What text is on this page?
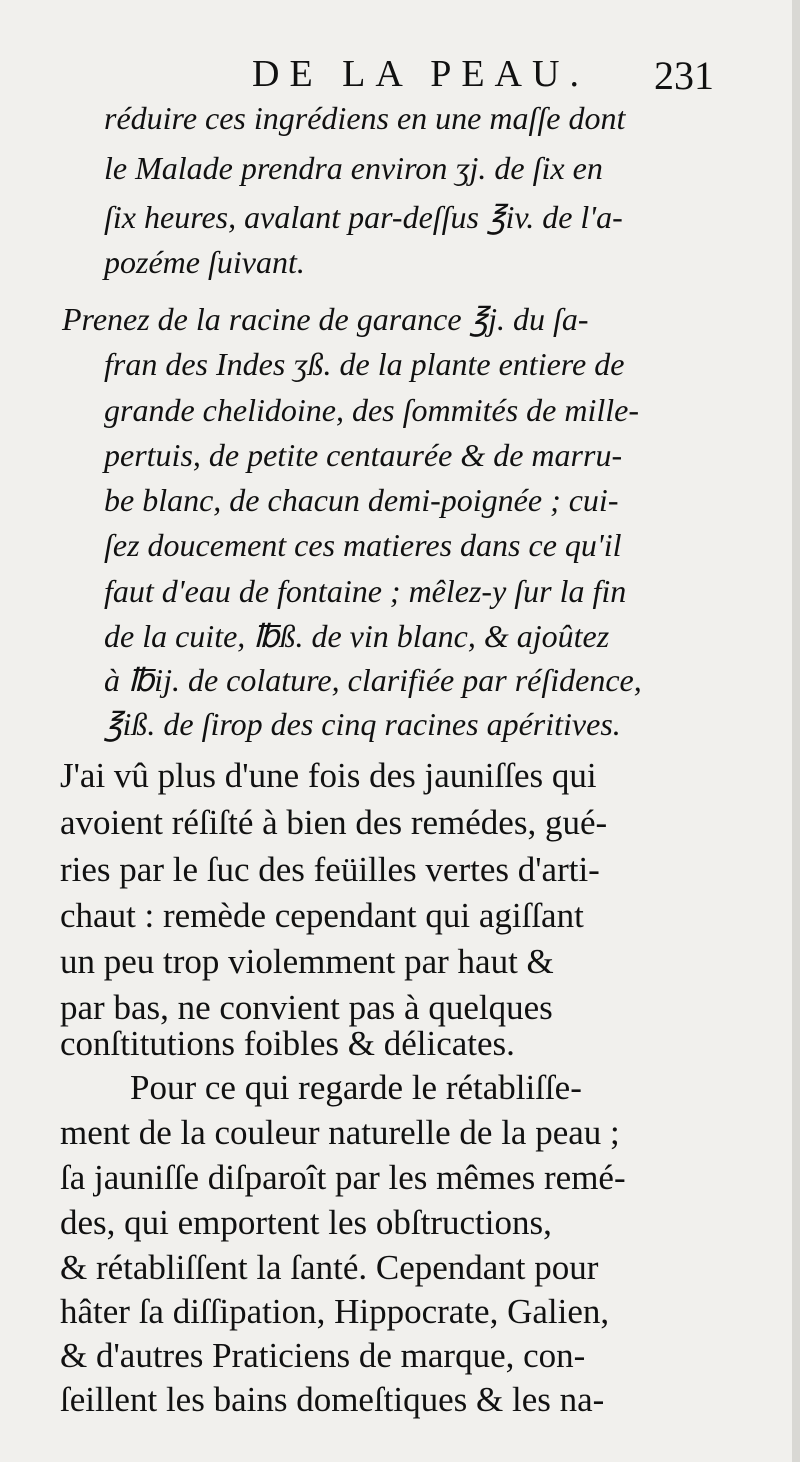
DE LA PEAU. 231
réduire ces ingrédiens en une maſſe dont
le Malade prendra environ ʒj. de ſix en
ſix heures, avalant par-deſſus ℥iv. de l'a-
pozéme ſuivant.
Prenez de la racine de garance ℥j. du ſa-
fran des Indes ʒß. de la plante entiere de
grande chelidoine, des ſommités de mille-
pertuis, de petite centaurée & de marru-
be blanc, de chacun demi-poignée ; cui-
ſez doucement ces matieres dans ce qu'il
faut d'eau de fontaine ; mêlez-y ſur la fin
de la cuite, ℔ß. de vin blanc, & ajoûtez
à ℔ij. de colature, clarifiée par réſidence,
℥iß. de ſirop des cinq racines apéritives.
J'ai vû plus d'une fois des jauniſſes qui
avoient réſiſté à bien des remédes, gué-
ries par le ſuc des feüilles vertes d'arti-
chaut : remède cependant qui agiſſant
un peu trop violemment par haut &
par bas, ne convient pas à quelques
conſtitutions foibles & délicates.
Pour ce qui regarde le rétabliſſe-
ment de la couleur naturelle de la peau ;
ſa jauniſſe diſparoît par les mêmes remé-
des, qui emportent les obſtructions,
& rétabliſſent la ſanté. Cependant pour
hâter ſa diſſipation, Hippocrate, Galien,
& d'autres Praticiens de marque, con-
ſeillent les bains domeſtiques & les na-
